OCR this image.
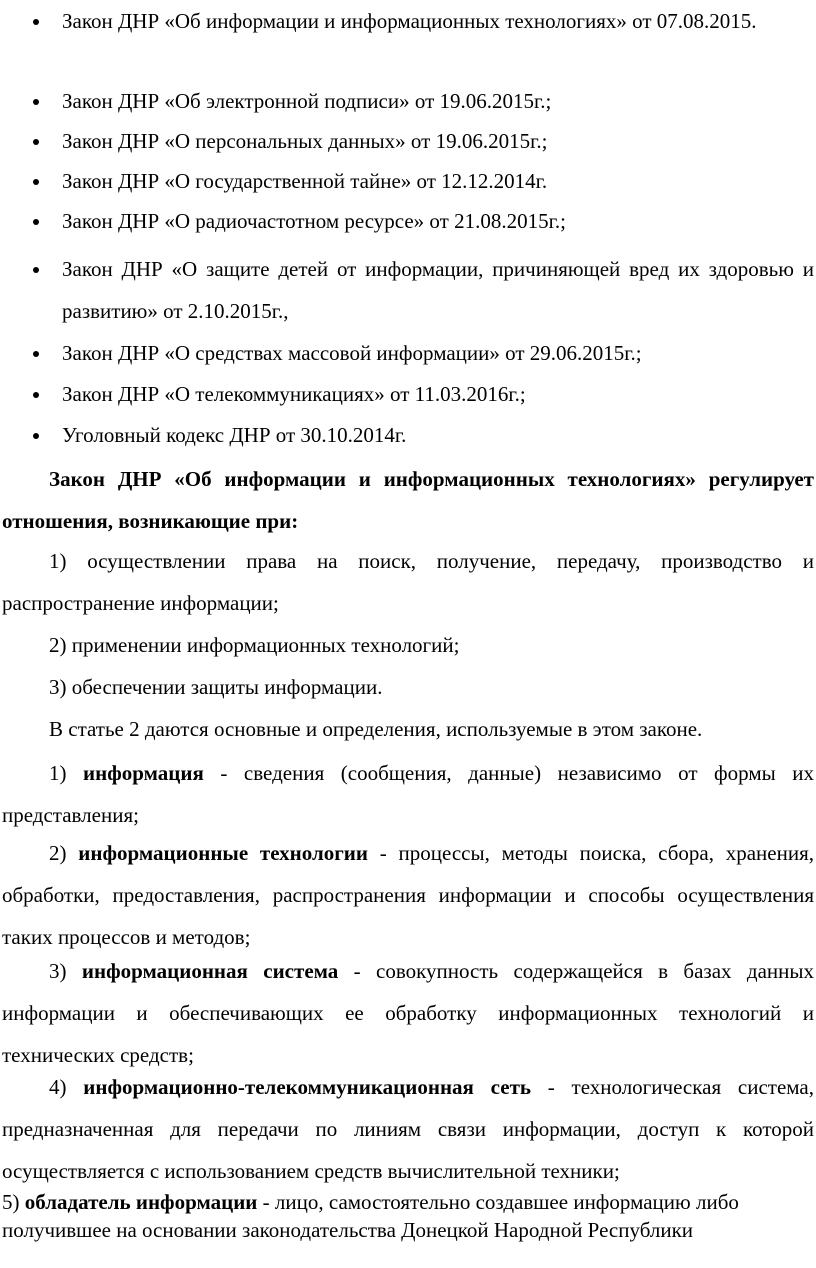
Закон ДНР «Об информации и информационных технологиях» от 07.08.2015.
Закон ДНР «Об электронной подписи» от 19.06.2015г.;
Закон ДНР «О персональных данных» от 19.06.2015г.;
Закон ДНР «О государственной тайне» от 12.12.2014г.
Закон ДНР «О радиочастотном ресурсе» от 21.08.2015г.;
Закон ДНР «О защите детей от информации, причиняющей вред их здоровью и развитию» от 2.10.2015г.,
Закон ДНР «О средствах массовой информации» от 29.06.2015г.;
Закон ДНР «О телекоммуникациях» от 11.03.2016г.;
Уголовный кодекс ДНР от 30.10.2014г.
Закон ДНР «Об информации и информационных технологиях» регулирует отношения, возникающие при:
1) осуществлении права на поиск, получение, передачу, производство и распространение информации;
2) применении информационных технологий;
3) обеспечении защиты информации.
В статье 2 даются основные и определения, используемые в этом законе.
1) информация - сведения (сообщения, данные) независимо от формы их представления;
2) информационные технологии - процессы, методы поиска, сбора, хранения, обработки, предоставления, распространения информации и способы осуществления таких процессов и методов;
3) информационная система - совокупность содержащейся в базах данных информации и обеспечивающих ее обработку информационных технологий и технических средств;
4) информационно-телекоммуникационная сеть - технологическая система, предназначенная для передачи по линиям связи информации, доступ к которой осуществляется с использованием средств вычислительной техники;
5) обладатель информации - лицо, самостоятельно создавшее информацию либо получившее на основании законодательства Донецкой Народной Республики
